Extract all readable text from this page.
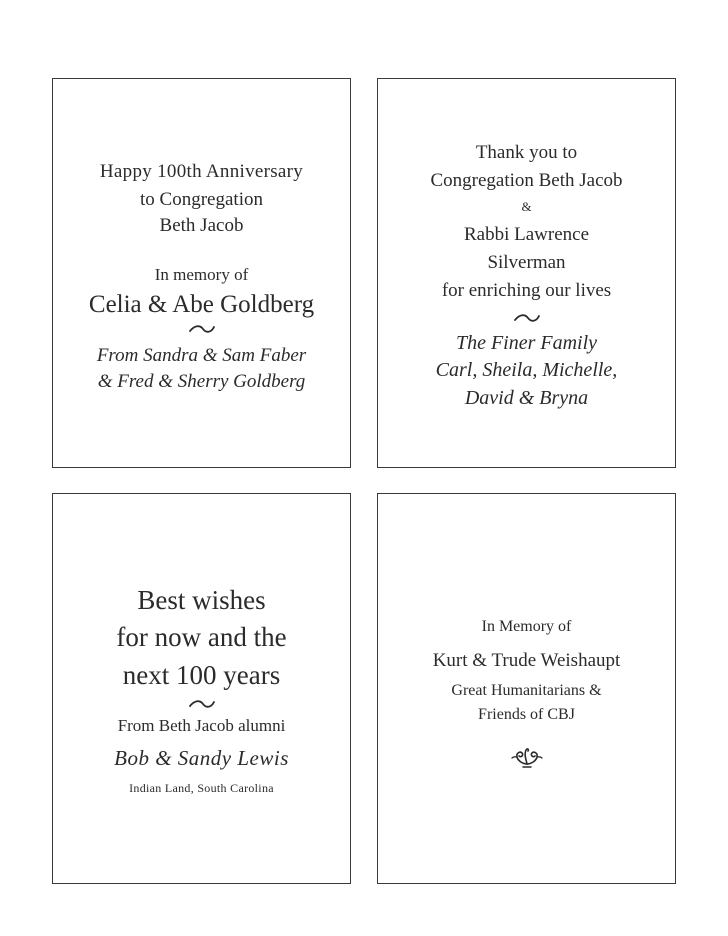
Happy 100th Anniversary
to Congregation
Beth Jacob
In memory of
Celia & Abe Goldberg
From Sandra & Sam Faber
& Fred & Sherry Goldberg
Thank you to
Congregation Beth Jacob
&
Rabbi Lawrence
Silverman
for enriching our lives
The Finer Family
Carl, Sheila, Michelle,
David & Bryna
Best wishes
for now and the
next 100 years
From Beth Jacob alumni
Bob & Sandy Lewis
Indian Land, South Carolina
In Memory of
Kurt & Trude Weishaupt
Great Humanitarians &
Friends of CBJ
